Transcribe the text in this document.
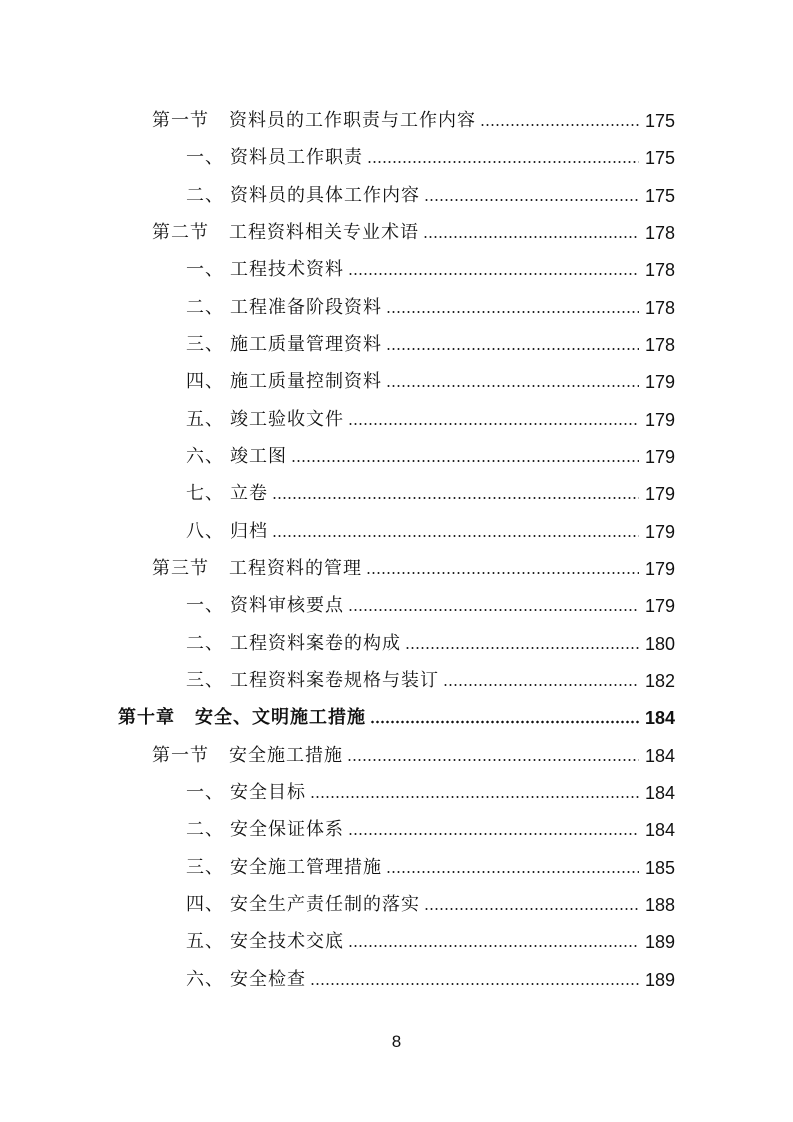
第一节	资料员的工作职责与工作内容	175
一、 资料员工作职责	175
二、 资料员的具体工作内容	175
第二节	工程资料相关专业术语	178
一、 工程技术资料	178
二、 工程准备阶段资料	178
三、 施工质量管理资料	178
四、 施工质量控制资料	179
五、 竣工验收文件	179
六、 竣工图	179
七、 立卷	179
八、 归档	179
第三节	工程资料的管理	179
一、 资料审核要点	179
二、 工程资料案卷的构成	180
三、 工程资料案卷规格与装订	182
第十章	安全、文明施工措施	184
第一节	安全施工措施	184
一、 安全目标	184
二、 安全保证体系	184
三、 安全施工管理措施	185
四、 安全生产责任制的落实	188
五、 安全技术交底	189
六、 安全检查	189
8
